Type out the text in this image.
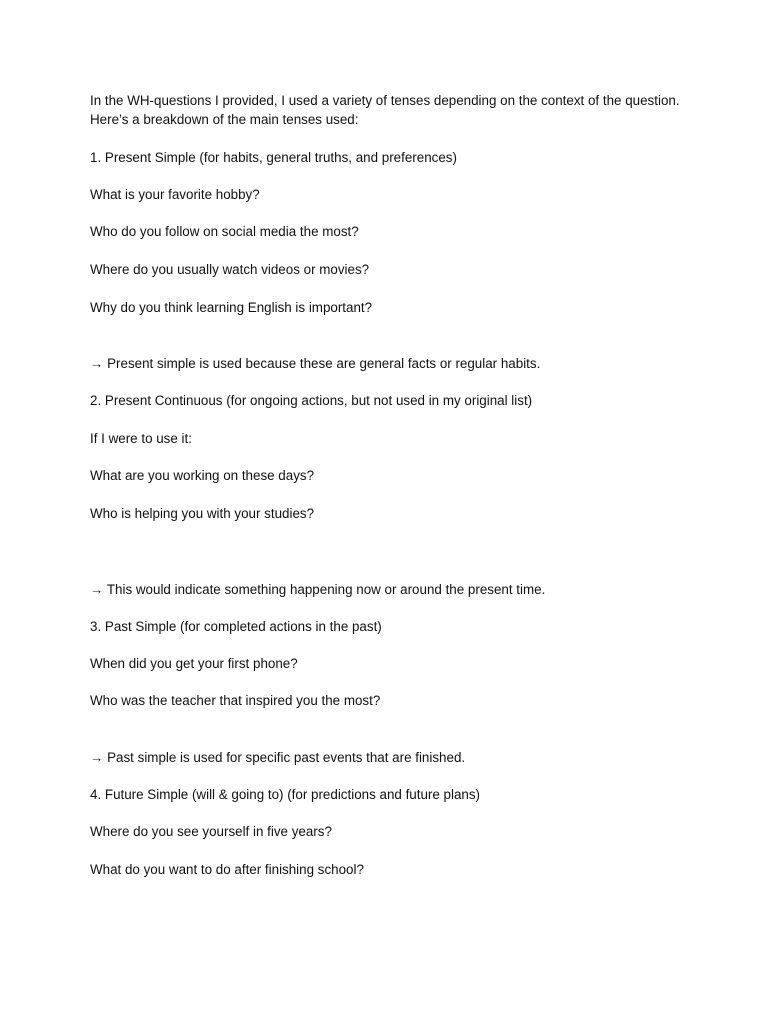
In the WH-questions I provided, I used a variety of tenses depending on the context of the question. Here’s a breakdown of the main tenses used:
1. Present Simple (for habits, general truths, and preferences)
What is your favorite hobby?
Who do you follow on social media the most?
Where do you usually watch videos or movies?
Why do you think learning English is important?
→ Present simple is used because these are general facts or regular habits.
2. Present Continuous (for ongoing actions, but not used in my original list)
If I were to use it:
What are you working on these days?
Who is helping you with your studies?
→ This would indicate something happening now or around the present time.
3. Past Simple (for completed actions in the past)
When did you get your first phone?
Who was the teacher that inspired you the most?
→ Past simple is used for specific past events that are finished.
4. Future Simple (will & going to) (for predictions and future plans)
Where do you see yourself in five years?
What do you want to do after finishing school?
